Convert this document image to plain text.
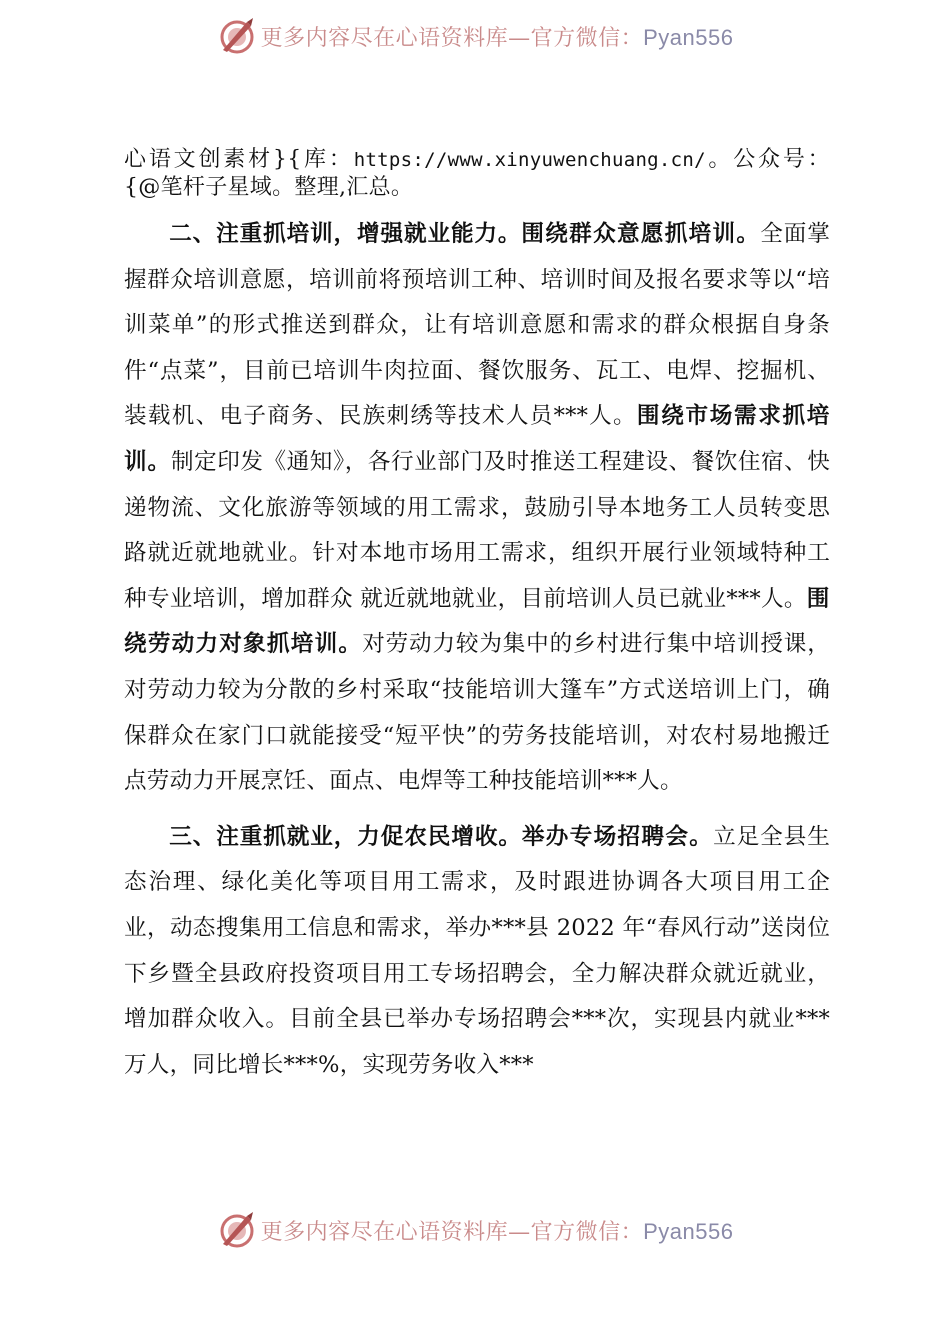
更多内容尽在心语资料库—官方微信：Pyan556

心语文创素材}{库：https://www.xinyuwenchuang.cn/。公众号：{@笔杆子星域。整理,汇总。

二、注重抓培训，增强就业能力。围绕群众意愿抓培训。全面掌握群众培训意愿，培训前将预培训工种、培训时间及报名要求等以“培训菜单”的形式推送到群众，让有培训意愿和需求的群众根据自身条件“点菜”，目前已培训牛肉拉面、餐饮服务、瓦工、电焊、挖掘机、装载机、电子商务、民族刺绣等技术人员***人。围绕市场需求抓培训。制定印发《通知》，各行业部门及时推送工程建设、餐饮住宿、快递物流、文化旅游等领域的用工需求，鼓励引导本地务工人员转变思路就近就地就业。针对本地市场用工需求，组织开展行业领域特种工种专业培训，增加群众 就近就地就业，目前培训人员已就业***人。围绕劳动力对象抓培训。对劳动力较为集中的乡村进行集中培训授课，对劳动力较为分散的乡村采取“技能培训大篷车”方式送培训上门，确保群众在家门口就能接受“短平快”的劳务技能培训，对农村易地搬迁点劳动力开展烹饪、面点、电焊等工种技能培训***人。

三、注重抓就业，力促农民增收。举办专场招聘会。立足全县生态治理、绿化美化等项目用工需求，及时跟进协调各大项目用工企业，动态搜集用工信息和需求，举办***县 2022 年“春风行动”送岗位下乡暨全县政府投资项目用工专场招聘会，全力解决群众就近就业，增加群众收入。目前全县已举办专场招聘会***次，实现县内就业***万人，同比增长***%，实现劳务收入***

更多内容尽在心语资料库—官方微信：Pyan556
